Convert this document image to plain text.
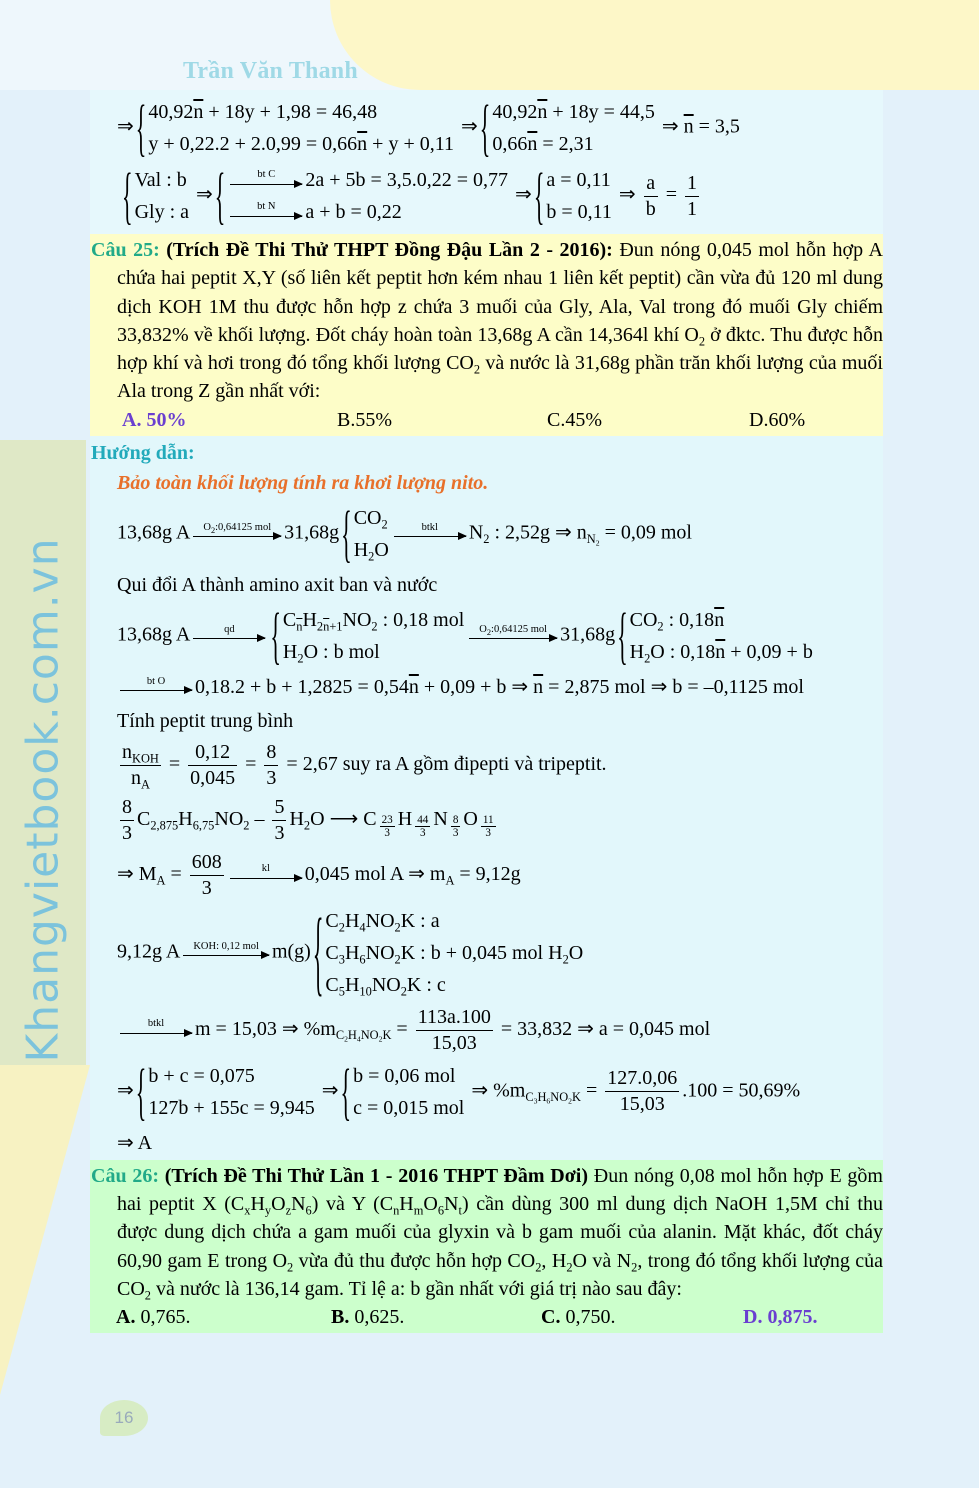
Trần Văn Thanh
Khangvietbook.com.vn
⇒ { $40,92\overline{n} + 18y + 1,98 = 46,48$
$y + 0,22.2 + 2.0,99 = 0,66\overline{n} + y + 0,11$
⇒ { $40,92\overline{n} + 18y = 44,5$
$0,66\overline{n} = 2,31$
⇒ $\overline{n} = 3,5$
{ Val : b
Gly : a
⇒ {	bt C	2a + 5b = 3,5.0,22 = 0,77
bt N	a + b = 0,22
⇒ { a = 0,11
b = 0,11
⇒ $\frac{a}{b} = \frac{1}{1}$
Câu 25: (Trích Đề Thi Thử THPT Đồng Đậu Lần 2 - 2016): Đun nóng 0,045 mol hỗn hợp A chứa hai peptit X,Y (số liên kết peptit hơn kém nhau 1 liên kết peptit) cần vừa đủ 120 ml dung dịch KOH 1M thu được hỗn hợp z chứa 3 muối của Gly, Ala, Val trong đó muối Gly chiếm 33,832% về khối lượng. Đốt cháy hoàn toàn 13,68g A cần 14,364l khí $O_2$ ở đktc. Thu được hỗn hợp khí và hơi trong đó tổng khối lượng $CO_2$ và nước là 31,68g phần trăn khối lượng của muối Ala trong Z gần nhất với:
A. 50%	B.55%	C.45%	D.60%
Hướng dẫn:
Bảo toàn khối lượng tính ra khơi lượng nito.
13,68g A	$O_2:0,64125$ mol 31,68g { $CO_2$
$H_2O$
btkl	$N_2$ : 2,52g ⇒ $n_{N_2} = 0,09$ mol
Qui đổi A thành amino axit ban và nước
13,68g A	qd	{ $C_{\overline{n}}H_{2\overline{n}+1}NO_2$ : 0,18 mol
$H_2O$ : b mol
$O_2:0,64125$ mol 31,68g { $CO_2$ : $0,18\overline{n}$
$H_2O$ : $0,18\overline{n} + 0,09 + b$
bt O	$0,18.2 + b + 1,2825 = 0,54\overline{n} + 0,09 + b$ ⇒ $\overline{n} = 2,875$ mol ⇒ b = –0,1125 mol
Tính peptit trung bình
$\frac{n_{KOH}}{n_A} = \frac{0,12}{0,045} = \frac{8}{3} = 2,67$ suy ra A gồm đipepti và tripeptit.
$\frac{8}{3} C_{2,875}H_{6,75}NO_2 - \frac{5}{3} H_2O$ ⟶ C $_{\frac{23}{3}}$ H $_{\frac{44}{3}}$ N $_{\frac{8}{3}}$ O $_{\frac{11}{3}}$
⇒ $M_A = \frac{608}{3}$	kl	0,045 mol A ⇒ $m_A = 9,12g$
9,12g A	KOH: 0,12 mol m(g) { $C_2H_4NO_2K$ : a
$C_3H_6NO_2K$ : b + 0,045 mol $H_2O$
$C_5H_{10}NO_2K$ : c
btkl	m = 15,03 ⇒ $\%m_{C_2H_4NO_2K} = \frac{113a.100}{15,03} = 33,832$ ⇒ a = 0,045 mol
⇒ { b + c = 0,075
127b + 155c = 9,945
⇒ { b = 0,06 mol
c = 0,015 mol
⇒ $\%m_{C_3H_6NO_2K} = \frac{127.0,06}{15,03} .100 = 50,69\%$
⇒ A
Câu 26: (Trích Đề Thi Thử Lần 1 - 2016 THPT Đầm Dơi) Đun nóng 0,08 mol hỗn hợp E gồm hai peptit X $(C_xH_yO_zN_6)$ và Y $(C_nH_mO_6N_t)$ cần dùng 300 ml dung dịch NaOH 1,5M chỉ thu được dung dịch chứa a gam muối của glyxin và b gam muối của alanin. Mặt khác, đốt cháy 60,90 gam E trong $O_2$ vừa đủ thu được hỗn hợp $CO_2$, $H_2O$ và $N_2$, trong đó tổng khối lượng của $CO_2$ và nước là 136,14 gam. Tỉ lệ a: b gần nhất với giá trị nào sau đây:
A. 0,765.	B. 0,625.	C. 0,750.	D. 0,875.
16
